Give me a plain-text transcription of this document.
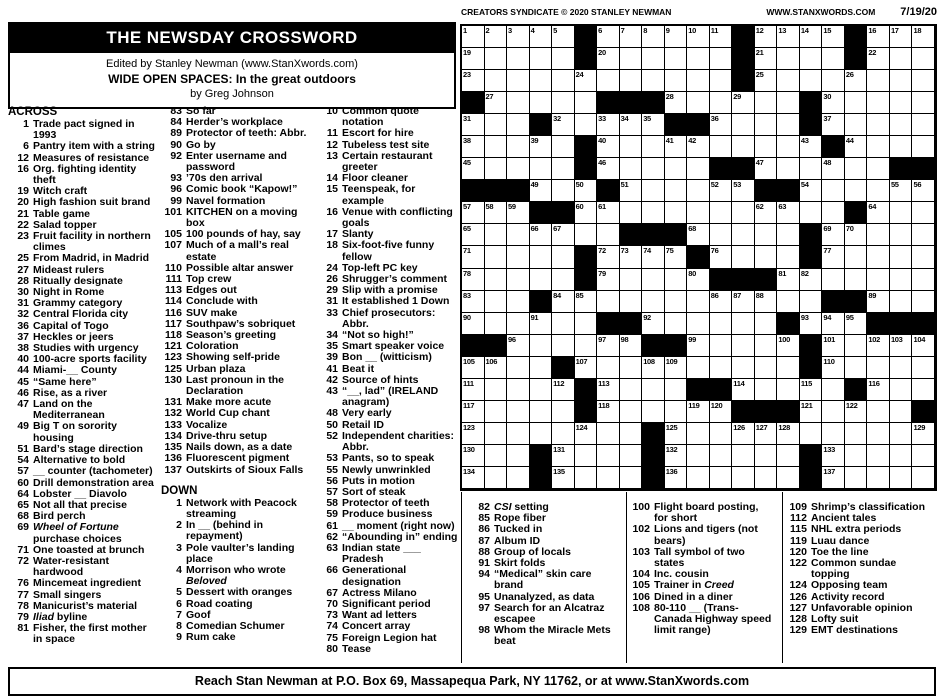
THE NEWSDAY CROSSWORD
Edited by Stanley Newman (www.StanXwords.com)
WIDE OPEN SPACES: In the great outdoors
by Greg Johnson
CREATORS SYNDICATE © 2020 STANLEY NEWMAN	WWW.STANXWORDS.COM 7/19/20
1 2 3 4 5	6 7 8 9 10 11	12 13 14 15	16 17 18
19	20	21	22
23	24	25	26
27	28	29	30
31	32	33 34 35	36	37
38	39	40	41 42	43	44
45	46	47	48
49	50	51	52 53	54	55 56
57 58 59	60 61	62 63	64
65	66 67	68	69 70
71	72 73 74 75	76	77
78	79	80	81 82
83	84 85	86 87 88	89
90	91	92	93 94 95
96	97 98	99	100	101	102 103 104
105 106	107	108 109	110
111	112	113	114	115	116
117	118	119 120	121	122
123	124	125	126 127 128	129
130	131	132	133
134	135	136	137
ACROSS
1 Trade pact signed in 1993
6 Pantry item with a string
12 Measures of resistance
16 Org. fighting identity theft
19 Witch craft
20 High fashion suit brand
21 Table game
22 Salad topper
23 Fruit facility in northern climes
25 From Madrid, in Madrid
27 Mideast rulers
28 Ritually designate
30 Night in Rome
31 Grammy category
32 Central Florida city
36 Capital of Togo
37 Heckles or jeers
38 Studies with urgency
40 100-acre sports facility
44 Miami-__ County
45 “Same here”
46 Rise, as a river
47 Land on the Mediterranean
49 Big T on sorority housing
51 Bard’s stage direction
54 Alternative to bold
57 __ counter (tachometer)
60 Drill demonstration area
64 Lobster __ Diavolo
65 Not all that precise
68 Bird perch
69 Wheel of Fortune purchase choices
71 One toasted at brunch
72 Water-resistant hardwood
76 Mincemeat ingredient
77 Small singers
78 Manicurist’s material
79 Iliad byline
81 Fisher, the first mother in space
83 So far
84 Herder’s workplace
89 Protector of teeth: Abbr.
90 Go by
92 Enter username and password
93 ’70s den arrival
96 Comic book “Kapow!”
99 Navel formation
101 KITCHEN on a moving box
105 100 pounds of hay, say
107 Much of a mall’s real estate
110 Possible altar answer
111 Top crew
113 Edges out
114 Conclude with
116 SUV make
117 Southpaw’s sobriquet
118 Season’s greeting
121 Coloration
123 Showing self-pride
125 Urban plaza
130 Last pronoun in the Declaration
131 Make more acute
132 World Cup chant
133 Vocalize
134 Drive-thru setup
135 Nails down, as a date
136 Fluorescent pigment
137 Outskirts of Sioux Falls
DOWN
1 Network with Peacock streaming
2 In __ (behind in repayment)
3 Pole vaulter’s landing place
4 Morrison who wrote Beloved
5 Dessert with oranges
6 Road coating
7 Goof
8 Comedian Schumer
9 Rum cake
10 Common quote notation
11 Escort for hire
12 Tubeless test site
13 Certain restaurant greeter
14 Floor cleaner
15 Teenspeak, for example
16 Venue with conflicting goals
17 Slanty
18 Six-foot-five funny fellow
24 Top-left PC key
26 Shrugger’s comment
29 Slip with a promise
31 It established 1 Down
33 Chief prosecutors: Abbr.
34 “Not so high!”
35 Smart speaker voice
39 Bon __ (witticism)
41 Beat it
42 Source of hints
43 “__, lad” (IRELAND anagram)
48 Very early
50 Retail ID
52 Independent charities: Abbr.
53 Pants, so to speak
55 Newly unwrinkled
56 Puts in motion
57 Sort of steak
58 Protector of teeth
59 Produce business
61 __ moment (right now)
62 “Abounding in” ending
63 Indian state ___ Pradesh
66 Generational designation
67 Actress Milano
70 Significant period
73 Want ad letters
74 Concert array
75 Foreign Legion hat
80 Tease
82 CSI setting
85 Rope fiber
86 Tucked in
87 Album ID
88 Group of locals
91 Skirt folds
94 “Medical” skin care brand
95 Unanalyzed, as data
97 Search for an Alcatraz escapee
98 Whom the Miracle Mets beat
100 Flight board posting, for short
102 Lions and tigers (not bears)
103 Tall symbol of two states
104 Inc. cousin
105 Trainer in Creed
106 Dined in a diner
108 80-110 __ (Trans-Canada Highway speed limit range)
109 Shrimp’s classification
112 Ancient tales
115 NHL extra periods
119 Luau dance
120 Toe the line
122 Common sundae topping
124 Opposing team
126 Activity record
127 Unfavorable opinion
128 Lofty suit
129 EMT destinations
Reach Stan Newman at P.O. Box 69, Massapequa Park, NY 11762, or at www.StanXwords.com
